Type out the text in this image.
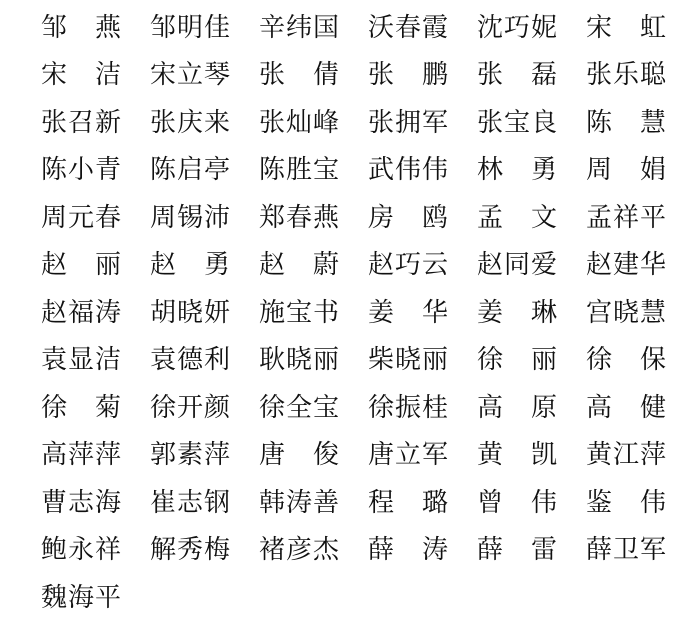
邹 燕 邹 明 佳 辛 纬 国 沃 春 霞 沈 巧 妮 宋 虹
宋 洁 宋 立 琴 张 倩 张 鹏 张 磊 张 乐 聪
张 召 新 张 庆 来 张 灿 峰 张 拥 军 张 宝 良 陈 慧
陈 小 青 陈 启 亭 陈 胜 宝 武 伟 伟 林 勇 周 娟
周 元 春 周 锡 沛 郑 春 燕 房 鸥 孟 文 孟 祥 平
赵 丽 赵 勇 赵 蔚 赵 巧 云 赵 同 爱 赵 建 华
赵 福 涛 胡 晓 妍 施 宝 书 姜 华 姜 琳 宫 晓 慧
袁 显 洁 袁 德 利 耿 晓 丽 柴 晓 丽 徐 丽 徐 保
徐 菊 徐 开 颜 徐 全 宝 徐 振 桂 高 原 高 健
高 萍 萍 郭 素 萍 唐 俊 唐 立 军 黄 凯 黄 江 萍
曹 志 海 崔 志 钢 韩 涛 善 程 璐 曾 伟 鉴 伟
鲍 永 祥 解 秀 梅 褚 彦 杰 薛 涛 薛 雷 薛 卫 军
魏 海 平
